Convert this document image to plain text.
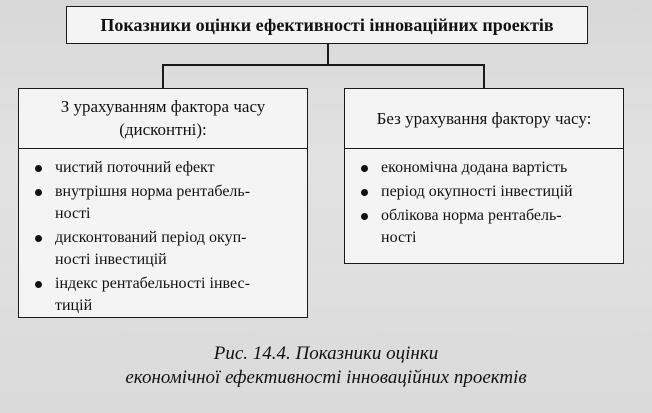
Показники оцінки ефективності інноваційних проектів
З урахуванням фактора часу
(дисконтні):
чистий поточний ефект
внутрішня норма рентабель-
ності
дисконтований період окуп-
ності інвестицій
індекс рентабельності інвес-
тицій
Без урахування фактору часу:
економічна додана вартість
період окупності інвестицій
облікова норма рентабель-
ності
Рис. 14.4. Показники оцінки
економічної ефективності інноваційних проектів
